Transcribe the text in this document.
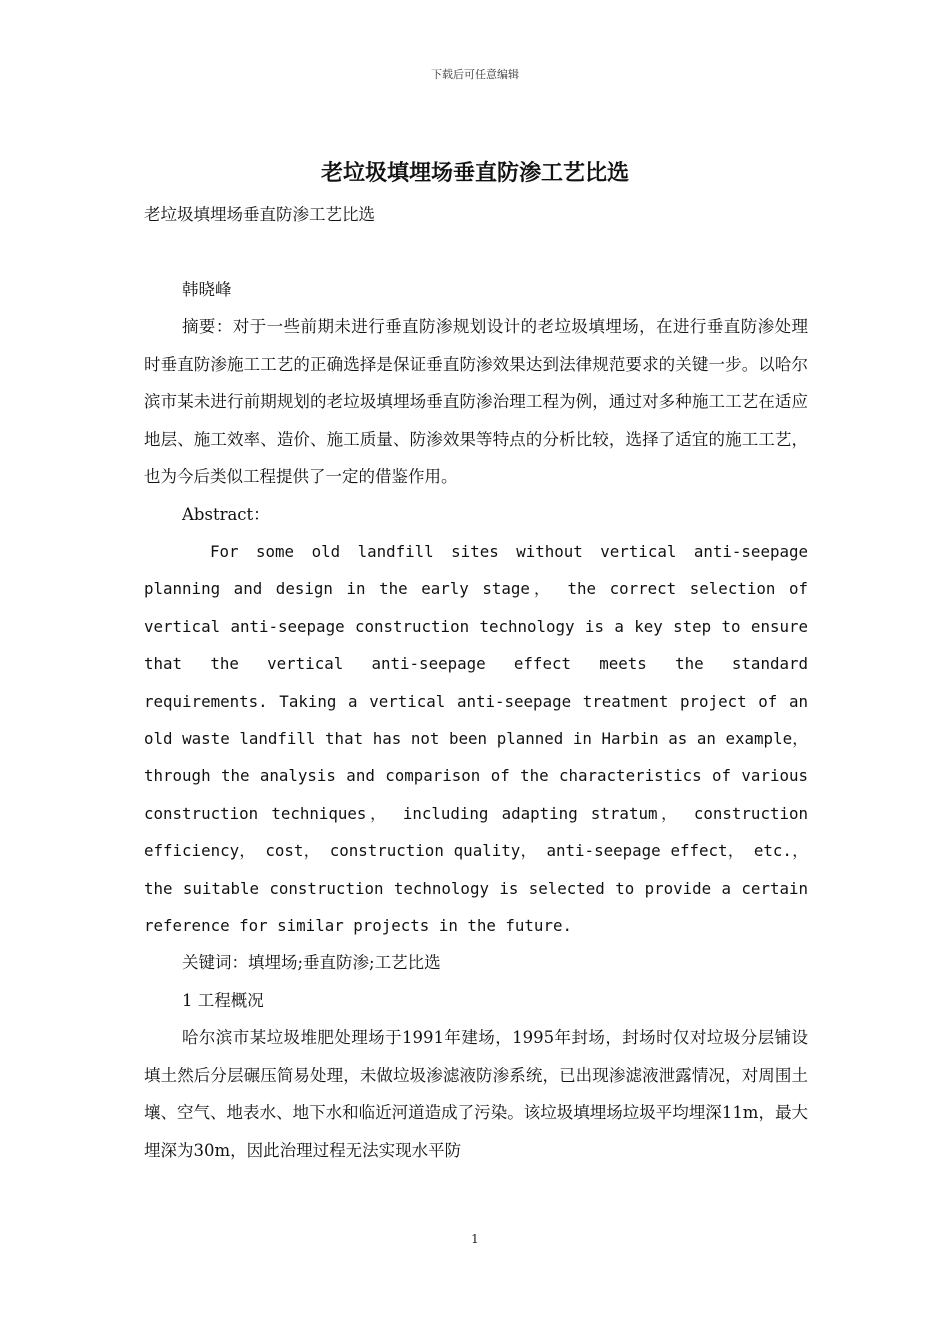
下载后可任意编辑
老垃圾填埋场垂直防渗工艺比选

老垃圾填埋场垂直防渗工艺比选

韩晓峰

摘要：对于一些前期未进行垂直防渗规划设计的老垃圾填埋场，在进行垂直防渗处理时垂直防渗施工工艺的正确选择是保证垂直防渗效果达到法律规范要求的关键一步。以哈尔滨市某未进行前期规划的老垃圾填埋场垂直防渗治理工程为例，通过对多种施工工艺在适应地层、施工效率、造价、施工质量、防渗效果等特点的分析比较，选择了适宜的施工工艺，也为今后类似工程提供了一定的借鉴作用。

Abstract：

For some old landfill sites without vertical anti-seepage planning and design in the early stage， the correct selection of vertical anti-seepage construction technology is a key step to ensure that the vertical anti-seepage effect meets the standard requirements. Taking a vertical anti-seepage treatment project of an old waste landfill that has not been planned in Harbin as an example， through the analysis and comparison of the characteristics of various construction techniques， including adapting stratum， construction efficiency， cost， construction quality， anti-seepage effect， etc.， the suitable construction technology is selected to provide a certain reference for similar projects in the future.

关键词：填埋场;垂直防渗;工艺比选

1 工程概况

哈尔滨市某垃圾堆肥处理场于1991年建场，1995年封场，封场时仅对垃圾分层铺设填土然后分层碾压简易处理，未做垃圾渗滤液防渗系统，已出现渗滤液泄露情况，对周围土壤、空气、地表水、地下水和临近河道造成了污染。该垃圾填埋场垃圾平均埋深11m，最大埋深为30m，因此治理过程无法实现水平防

1
